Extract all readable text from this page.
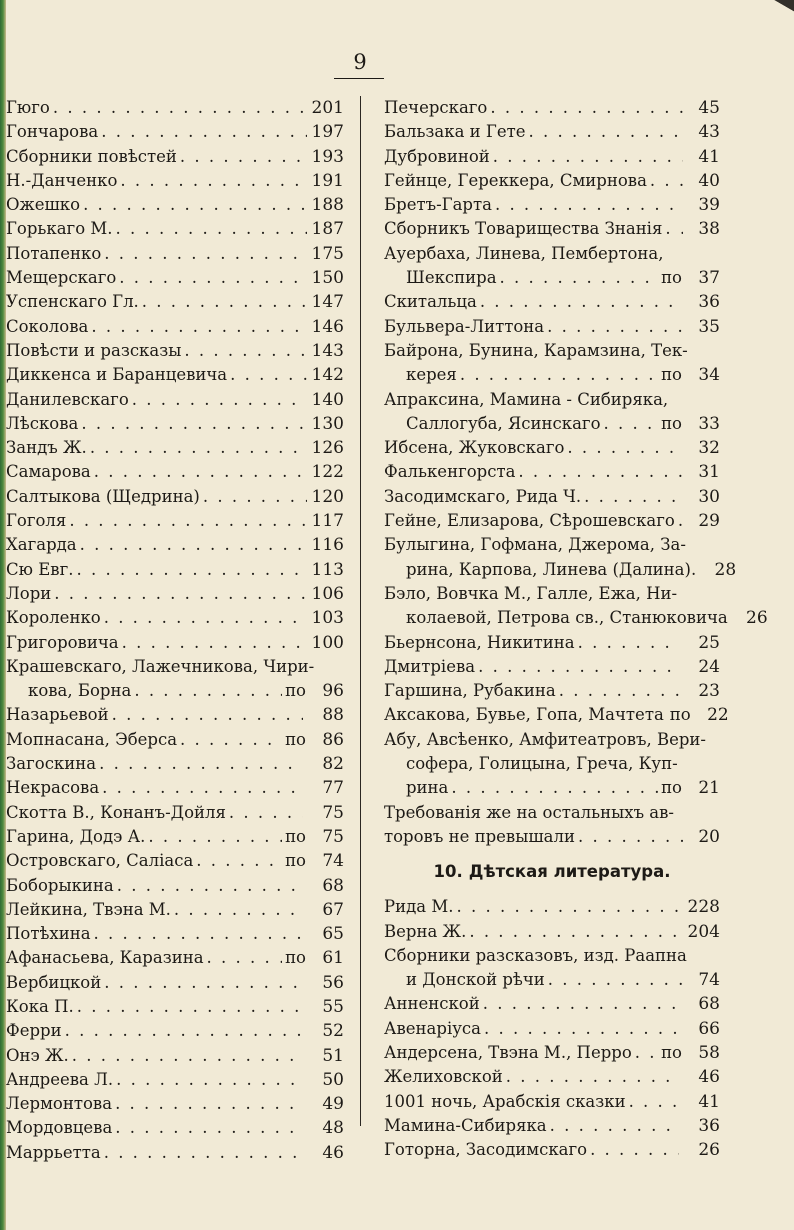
9
Гюго . . .	201
Гончарова . . .	197
Сборники повѣстей . . .	193
Н.-Данченко . . .	191
Ожешко . . .	188
Горькаго М. . . .	187
Потапенко . . .	175
Мещерскаго . . .	150
Успенскаго Гл. . . .	147
Соколова . . .	146
Повѣсти и разсказы . . .	143
Диккенса и Баранцевича . . .	142
Данилевскаго . . .	140
Лѣскова . . .	130
Зандъ Ж. . . .	126
Самарова . . .	122
Салтыкова (Щедрина) . . .	120
Гоголя . . .	117
Хагарда . . .	116
Сю Евг. . . .	113
Лори . . .	106
Короленко . . .	103
Григоровича . . .	100
Крашевскаго, Лажечникова, Чири-
кова, Борна . . .	по 96
Назарьевой . . .	88
Мопнасана, Эберса . . .	по 86
Загоскина . . .	82
Некрасова . . .	77
Скотта В., Конанъ-Дойля . . .	75
Гарина, Додэ А. . . .	по 75
Островскаго, Саліаса . . .	по 74
Боборыкина . . .	68
Лейкина, Твэна М. . . .	67
Потѣхина . . .	65
Афанасьева, Каразина . . .	по 61
Вербицкой . . .	56
Кока П. . . .	55
Ферри . . .	52
Онэ Ж. . . .	51
Андреева Л. . . .	50
Лермонтова . . .	49
Мордовцева . . .	48
Маррьетта . . .	46
Печерскаго . . .	45
Бальзака и Гете . . .	43
Дубровиной . . .	41
Гейнце, Гереккера, Смирнова . . .	40
Бретъ-Гарта . . .	39
Сборникъ Товарищества Знанія . . .	38
Ауербаха, Линева, Пембертона,
Шекспира . . .	по 37
Скитальца . . .	36
Бульвера-Литтона . . .	35
Байрона, Бунина, Карамзина, Тек-
керея . . .	по 34
Апраксина, Мамина - Сибиряка,
Саллогуба, Ясинскаго . . .	по 33
Ибсена, Жуковскаго . . .	32
Фалькенгорста . . .	31
Засодимскаго, Рида Ч. . . .	30
Гейне, Елизарова, Сѣрошевскаго . . .	29
Булыгина, Гофмана, Джерома, За-
рина, Карпова, Линева (Далина).	28
Бэло, Вовчка М., Галле, Ежа, Ни-
колаевой, Петрова св., Станюковича	26
Бьернсона, Никитина . . .	25
Дмитріева . . .	24
Гаршина, Рубакина . . .	23
Аксакова, Бувье, Гопа, Мачтета по 22
Абу, Авсѣенко, Амфитеатровъ, Вери-
софера, Голицына, Греча, Куп-
рина . . .	по 21
Требованія же на остальныхъ ав-
торовъ не превышали . . .	20
10. Дѣтская литература.
Рида М. . . .	228
Верна Ж. . . .	204
Сборники разсказовъ, изд. Раапна
и Донской рѣчи . . .	74
Анненской . . .	68
Авенаріуса . . .	66
Андерсена, Твэна М., Перро . . . по 58
Желиховской . . .	46
1001 ночь, Арабскія сказки . . .	41
Мамина-Сибиряка . . .	36
Готорна, Засодимскаго . . .	26
